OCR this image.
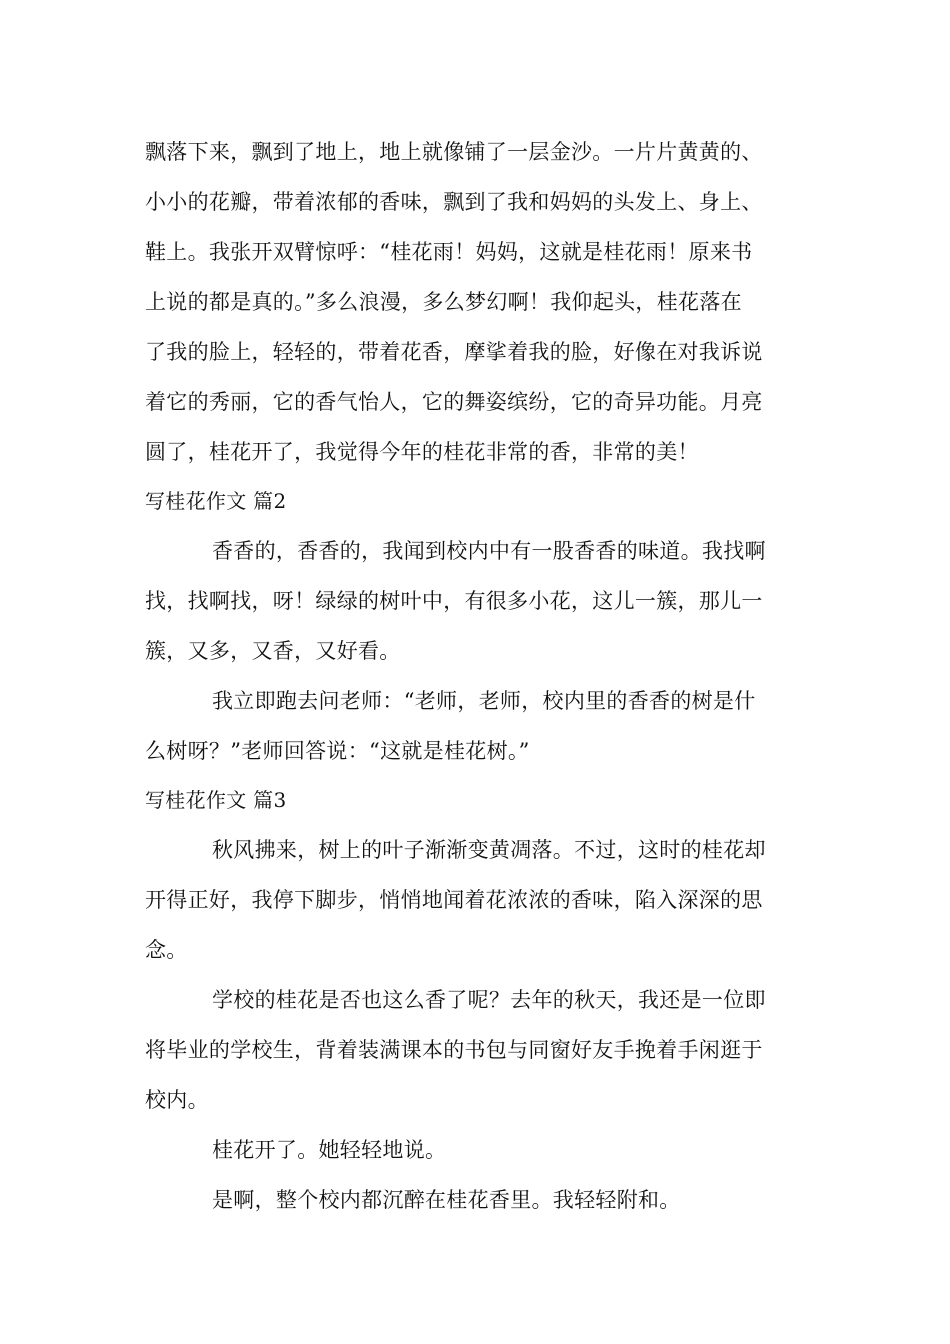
飘落下来，飘到了地上，地上就像铺了一层金沙。一片片黄黄的、
小小的花瓣，带着浓郁的香味，飘到了我和妈妈的头发上、身上、
鞋上。我张开双臂惊呼：“桂花雨！妈妈，这就是桂花雨！原来书
上说的都是真的。”多么浪漫，多么梦幻啊！我仰起头，桂花落在
了我的脸上，轻轻的，带着花香，摩挲着我的脸，好像在对我诉说
着它的秀丽，它的香气怡人，它的舞姿缤纷，它的奇异功能。月亮
圆了，桂花开了，我觉得今年的桂花非常的香，非常的美！
写桂花作文 篇2
香香的，香香的，我闻到校内中有一股香香的味道。我找啊
找，找啊找，呀！绿绿的树叶中，有很多小花，这儿一簇，那儿一
簇，又多，又香，又好看。
我立即跑去问老师：“老师，老师，校内里的香香的树是什
么树呀？”老师回答说：“这就是桂花树。”
写桂花作文 篇3
秋风拂来，树上的叶子渐渐变黄凋落。不过，这时的桂花却
开得正好，我停下脚步，悄悄地闻着花浓浓的香味，陷入深深的思
念。
学校的桂花是否也这么香了呢？去年的秋天，我还是一位即
将毕业的学校生，背着装满课本的书包与同窗好友手挽着手闲逛于
校内。
桂花开了。她轻轻地说。
是啊，整个校内都沉醉在桂花香里。我轻轻附和。
